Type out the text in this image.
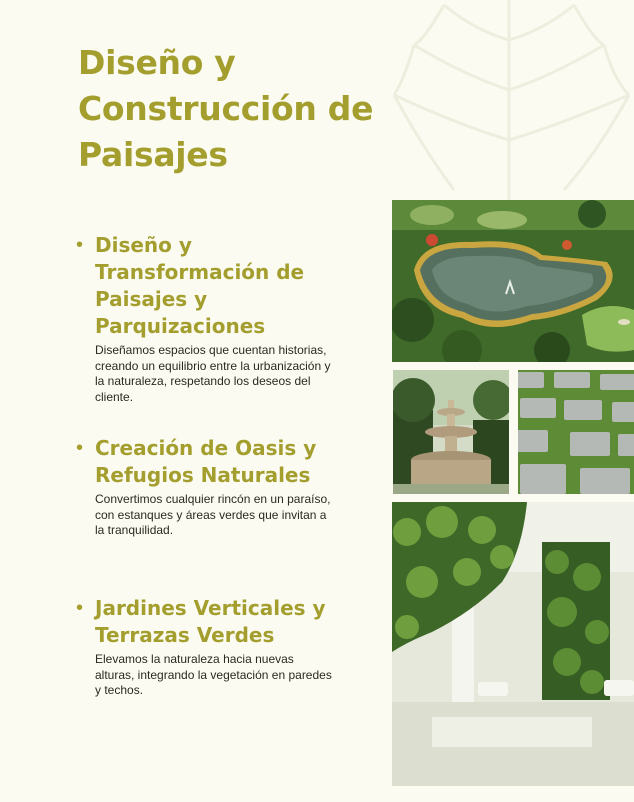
Diseño y Construcción de Paisajes
• Diseño y Transformación de Paisajes y Parquizaciones

Diseñamos espacios que cuentan historias, creando un equilibrio entre la urbanización y la naturaleza, respetando los deseos del cliente.

• Creación de Oasis y Refugios Naturales

Convertimos cualquier rincón en un paraíso, con estanques y áreas verdes que invitan a la tranquilidad.

• Jardines Verticales y Terrazas Verdes

Elevamos la naturaleza hacia nuevas alturas, integrando la vegetación en paredes y techos.
